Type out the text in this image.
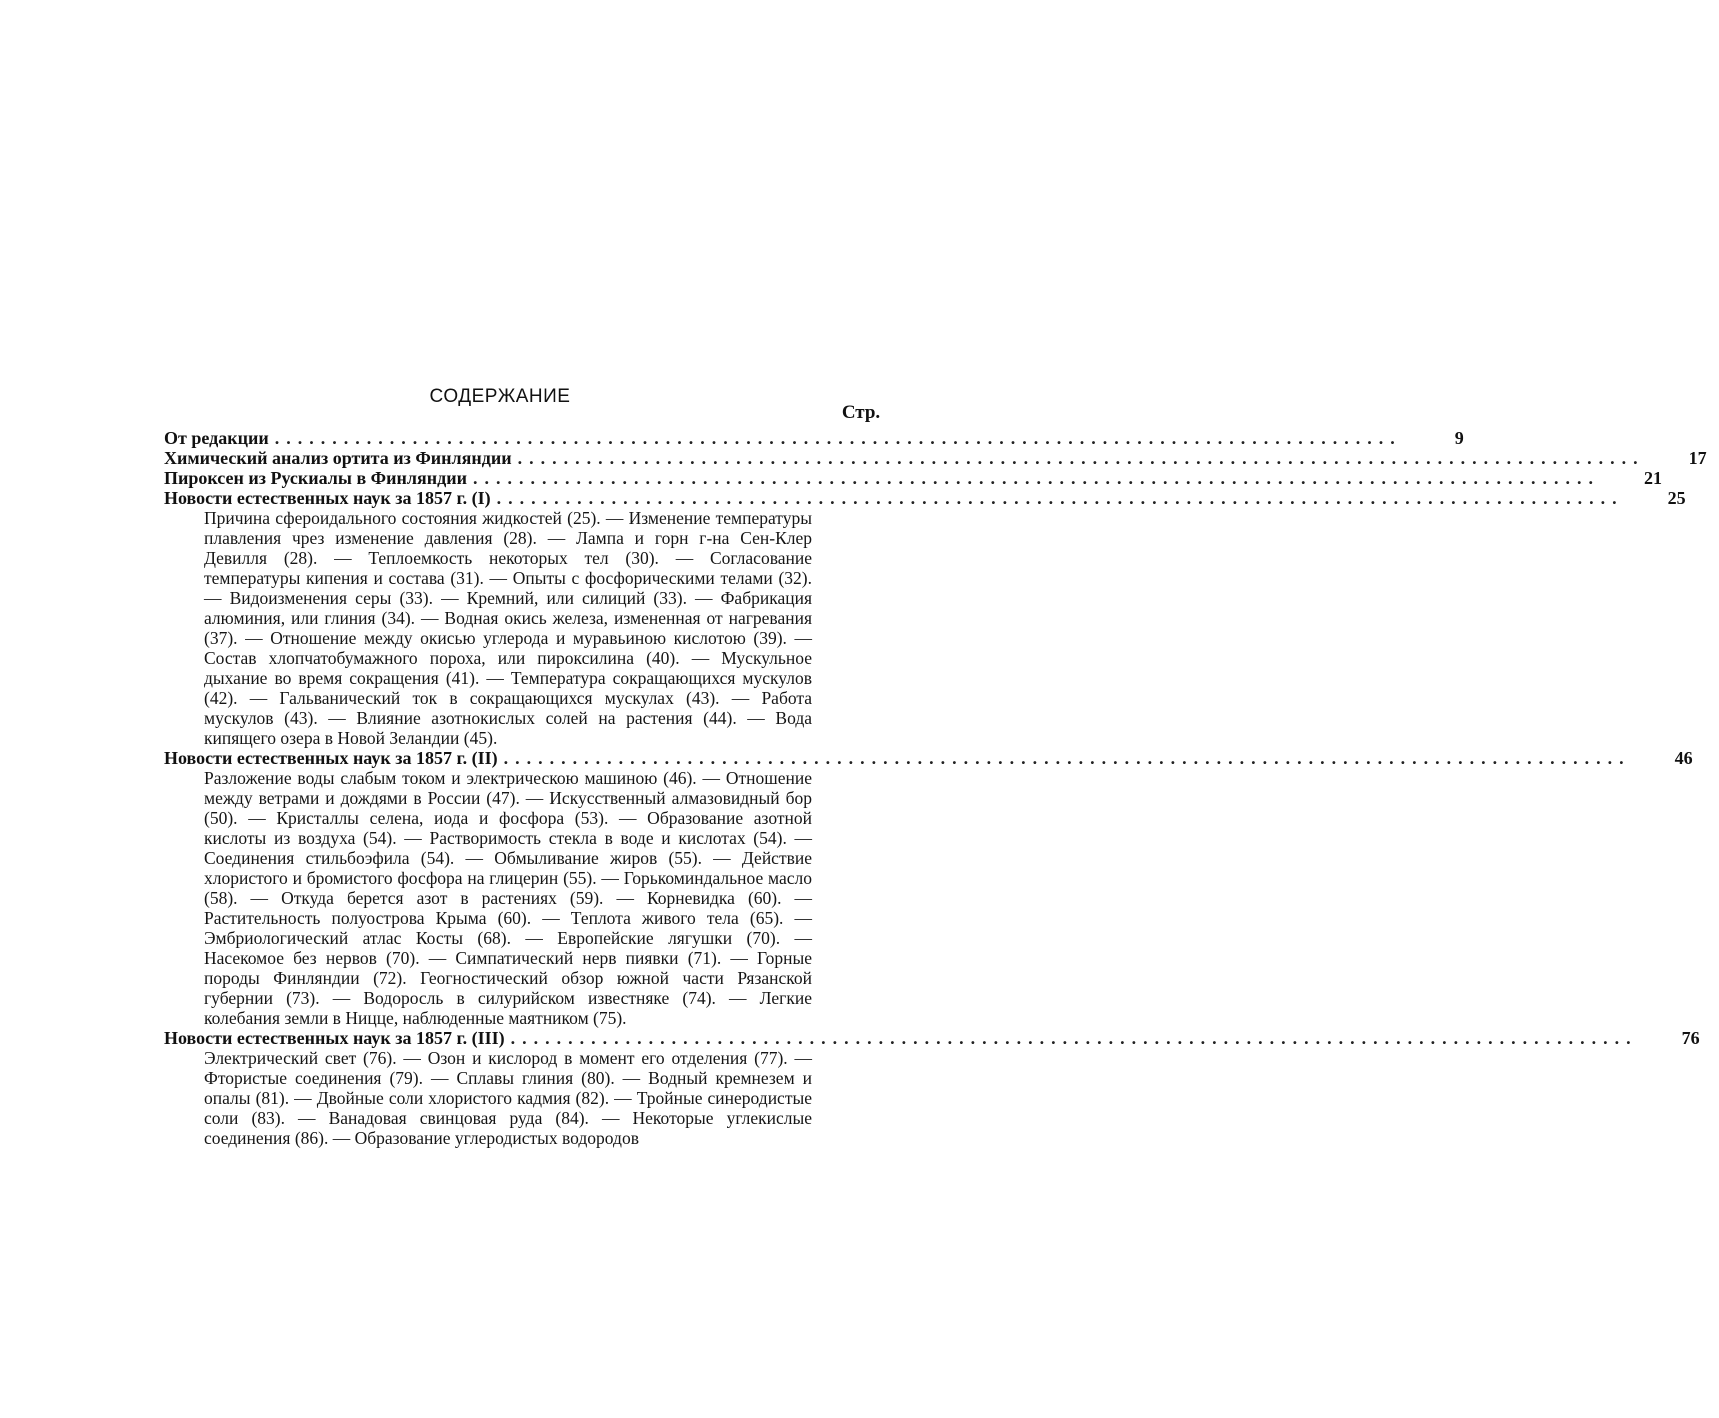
СОДЕРЖАНИЕ
Стр.
От редакции ..................................................................................................	9
Химический анализ ортита из Финляндии ..................................................................................................	17
Пироксен из Рускиалы в Финляндии ..................................................................................................	21
Новости естественных наук за 1857 г. (I) ..................................................................................................	25

Причина сфероидального состояния жидкостей (25). — Изменение температуры плавления чрез изменение давления (28). — Лампа и горн г-на Сен-Клер Девилля (28). — Теплоемкость некоторых тел (30). — Согласование температуры кипения и состава (31). — Опыты с фосфорическими телами (32). — Видоизменения серы (33). — Кремний, или силиций (33). — Фабрикация алюминия, или глиния (34). — Водная окись железа, измененная от нагревания (37). — Отношение между окисью углерода и муравьиною кислотою (39). — Состав хлопчатобумажного пороха, или пироксилина (40). — Мускульное дыхание во время сокращения (41). — Температура сокращающихся мускулов (42). — Гальванический ток в сокращающихся мускулах (43). — Работа мускулов (43). — Влияние азотнокислых солей на растения (44). — Вода кипящего озера в Новой Зеландии (45).

Новости естественных наук за 1857 г. (II) ..................................................................................................	46

Разложение воды слабым током и электрическою машиною (46). — Отношение между ветрами и дождями в России (47). — Искусственный алмазовидный бор (50). — Кристаллы селена, иода и фосфора (53). — Образование азотной кислоты из воздуха (54). — Растворимость стекла в воде и кислотах (54). — Соединения стильбоэфила (54). — Обмыливание жиров (55). — Действие хлористого и бромистого фосфора на глицерин (55). — Горькоминдальное масло (58). — Откуда берется азот в растениях (59). — Корневидка (60). — Растительность полуострова Крыма (60). — Теплота живого тела (65). — Эмбриологический атлас Косты (68). — Европейские лягушки (70). — Насекомое без нервов (70). — Симпатический нерв пиявки (71). — Горные породы Финляндии (72). Геогностический обзор южной части Рязанской губернии (73). — Водоросль в силурийском известняке (74). — Легкие колебания земли в Ницце, наблюденные маятником (75).

Новости естественных наук за 1857 г. (III) ..................................................................................................	76

Электрический свет (76). — Озон и кислород в момент его отделения (77). — Фтористые соединения (79). — Сплавы глиния (80). — Водный кремнезем и опалы (81). — Двойные соли хлористого кадмия (82). — Тройные синеродистые соли (83). — Ванадовая свинцовая руда (84). — Некоторые углекислые соединения (86). — Образование углеродистых водородов
